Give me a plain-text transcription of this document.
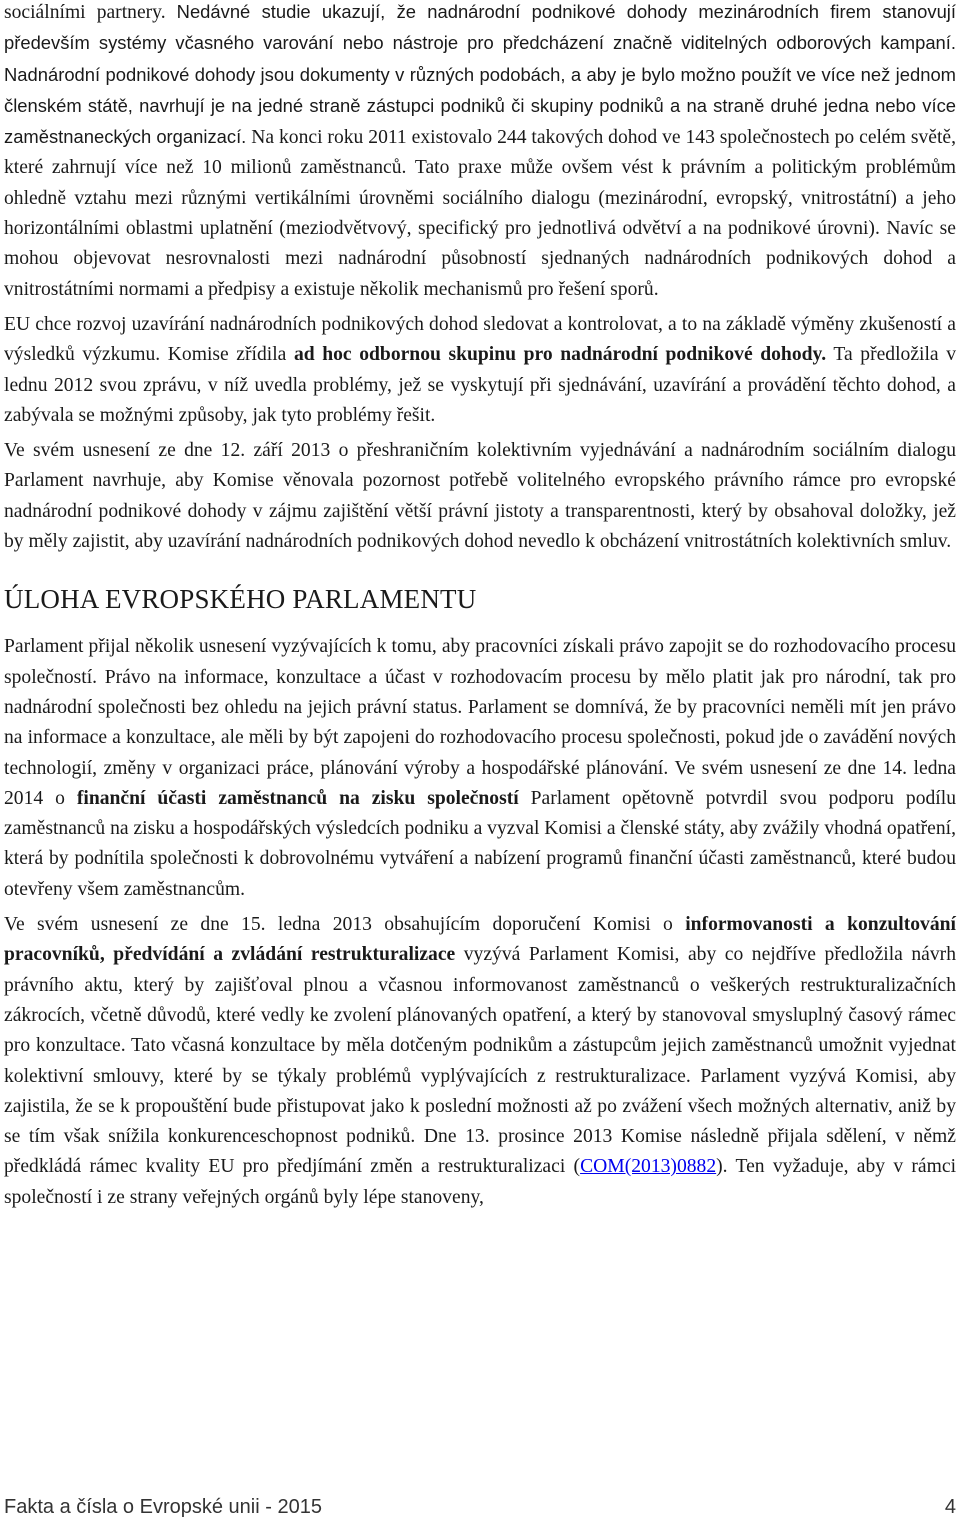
sociálními partnery. Nedávné studie ukazují, že nadnárodní podnikové dohody mezinárodních firem stanovují především systémy včasného varování nebo nástroje pro předcházení značně viditelných odborových kampaní. Nadnárodní podnikové dohody jsou dokumenty v různých podobách, a aby je bylo možno použít ve více než jednom členském státě, navrhují je na jedné straně zástupci podniků či skupiny podniků a na straně druhé jedna nebo více zaměstnaneckých organizací. Na konci roku 2011 existovalo 244 takových dohod ve 143 společnostech po celém světě, které zahrnují více než 10 milionů zaměstnanců. Tato praxe může ovšem vést k právním a politickým problémům ohledně vztahu mezi různými vertikálními úrovněmi sociálního dialogu (mezinárodní, evropský, vnitrostátní) a jeho horizontálními oblastmi uplatnění (meziodvětvový, specifický pro jednotlivá odvětví a na podnikové úrovni). Navíc se mohou objevovat nesrovnalosti mezi nadnárodní působností sjednaných nadnárodních podnikových dohod a vnitrostátními normami a předpisy a existuje několik mechanismů pro řešení sporů.

EU chce rozvoj uzavírání nadnárodních podnikových dohod sledovat a kontrolovat, a to na základě výměny zkušeností a výsledků výzkumu. Komise zřídila ad hoc odbornou skupinu pro nadnárodní podnikové dohody. Ta předložila v lednu 2012 svou zprávu, v níž uvedla problémy, jež se vyskytují při sjednávání, uzavírání a provádění těchto dohod, a zabývala se možnými způsoby, jak tyto problémy řešit.

Ve svém usnesení ze dne 12. září 2013 o přeshraničním kolektivním vyjednávání a nadnárodním sociálním dialogu Parlament navrhuje, aby Komise věnovala pozornost potřebě volitelného evropského právního rámce pro evropské nadnárodní podnikové dohody v zájmu zajištění větší právní jistoty a transparentnosti, který by obsahoval doložky, jež by měly zajistit, aby uzavírání nadnárodních podnikových dohod nevedlo k obcházení vnitrostátních kolektivních smluv.

ÚLOHA EVROPSKÉHO PARLAMENTU

Parlament přijal několik usnesení vyzývajících k tomu, aby pracovníci získali právo zapojit se do rozhodovacího procesu společností. Právo na informace, konzultace a účast v rozhodovacím procesu by mělo platit jak pro národní, tak pro nadnárodní společnosti bez ohledu na jejich právní status. Parlament se domnívá, že by pracovníci neměli mít jen právo na informace a konzultace, ale měli by být zapojeni do rozhodovacího procesu společnosti, pokud jde o zavádění nových technologií, změny v organizaci práce, plánování výroby a hospodářské plánování. Ve svém usnesení ze dne 14. ledna 2014 o finanční účasti zaměstnanců na zisku společností Parlament opětovně potvrdil svou podporu podílu zaměstnanců na zisku a hospodářských výsledcích podniku a vyzval Komisi a členské státy, aby zvážily vhodná opatření, která by podnítila společnosti k dobrovolnému vytváření a nabízení programů finanční účasti zaměstnanců, které budou otevřeny všem zaměstnancům.

Ve svém usnesení ze dne 15. ledna 2013 obsahujícím doporučení Komisi o informovanosti a konzultování pracovníků, předvídání a zvládání restrukturalizace vyzývá Parlament Komisi, aby co nejdříve předložila návrh právního aktu, který by zajišťoval plnou a včasnou informovanost zaměstnanců o veškerých restrukturalizačních zákrocích, včetně důvodů, které vedly ke zvolení plánovaných opatření, a který by stanovoval smysluplný časový rámec pro konzultace. Tato včasná konzultace by měla dotčeným podnikům a zástupcům jejich zaměstnanců umožnit vyjednat kolektivní smlouvy, které by se týkaly problémů vyplývajících z restrukturalizace. Parlament vyzývá Komisi, aby zajistila, že se k propouštění bude přistupovat jako k poslední možnosti až po zvážení všech možných alternativ, aniž by se tím však snížila konkurenceschopnost podniků. Dne 13. prosince 2013 Komise následně přijala sdělení, v němž předkládá rámec kvality EU pro předjímání změn a restrukturalizaci (COM(2013)0882). Ten vyžaduje, aby v rámci společností i ze strany veřejných orgánů byly lépe stanoveny,

Fakta a čísla o Evropské unii - 2015	4
